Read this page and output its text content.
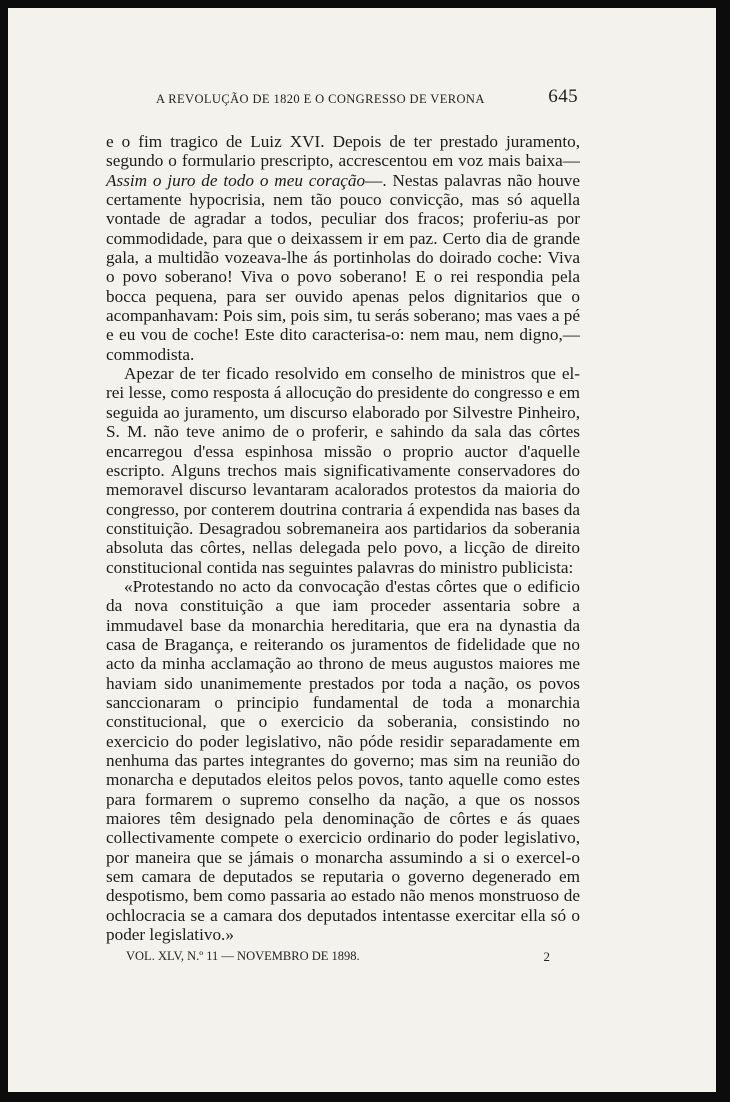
A REVOLUÇÃO DE 1820 E O CONGRESSO DE VERONA	645

e o fim tragico de Luiz XVI. Depois de ter prestado juramento, segundo o formulario prescripto, accrescentou em voz mais baixa—Assim o juro de todo o meu coração—. Nestas palavras não houve certamente hypocrisia, nem tão pouco convicção, mas só aquella vontade de agradar a todos, peculiar dos fracos; proferiu-as por commodidade, para que o deixassem ir em paz. Certo dia de grande gala, a multidão vozeava-lhe ás portinholas do doirado coche: Viva o povo soberano! Viva o povo soberano! E o rei respondia pela bocca pequena, para ser ouvido apenas pelos dignitarios que o acompanhavam: Pois sim, pois sim, tu serás soberano; mas vaes a pé e eu vou de coche! Este dito caracterisa-o: nem mau, nem digno,—commodista.

Apezar de ter ficado resolvido em conselho de ministros que el-rei lesse, como resposta á allocução do presidente do congresso e em seguida ao juramento, um discurso elaborado por Silvestre Pinheiro, S. M. não teve animo de o proferir, e sahindo da sala das côrtes encarregou d'essa espinhosa missão o proprio auctor d'aquelle escripto. Alguns trechos mais significativamente conservadores do memoravel discurso levantaram acalorados protestos da maioria do congresso, por conterem doutrina contraria á expendida nas bases da constituição. Desagradou sobremaneira aos partidarios da soberania absoluta das côrtes, nellas delegada pelo povo, a licção de direito constitucional contida nas seguintes palavras do ministro publicista:

«Protestando no acto da convocação d'estas côrtes que o edificio da nova constituição a que iam proceder assentaria sobre a immudavel base da monarchia hereditaria, que era na dynastia da casa de Bragança, e reiterando os juramentos de fidelidade que no acto da minha acclamação ao throno de meus augustos maiores me haviam sido unanimemente prestados por toda a nação, os povos sanccionaram o principio fundamental de toda a monarchia constitucional, que o exercicio da soberania, consistindo no exercicio do poder legislativo, não póde residir separadamente em nenhuma das partes integrantes do governo; mas sim na reunião do monarcha e deputados eleitos pelos povos, tanto aquelle como estes para formarem o supremo conselho da nação, a que os nossos maiores têm designado pela denominação de côrtes e ás quaes collectivamente compete o exercicio ordinario do poder legislativo, por maneira que se jámais o monarcha assumindo a si o exercel-o sem camara de deputados se reputaria o governo degenerado em despotismo, bem como passaria ao estado não menos monstruoso de ochlocracia se a camara dos deputados intentasse exercitar ella só o poder legislativo.»

VOL. XLV, N.º 11 — NOVEMBRO DE 1898.	2
